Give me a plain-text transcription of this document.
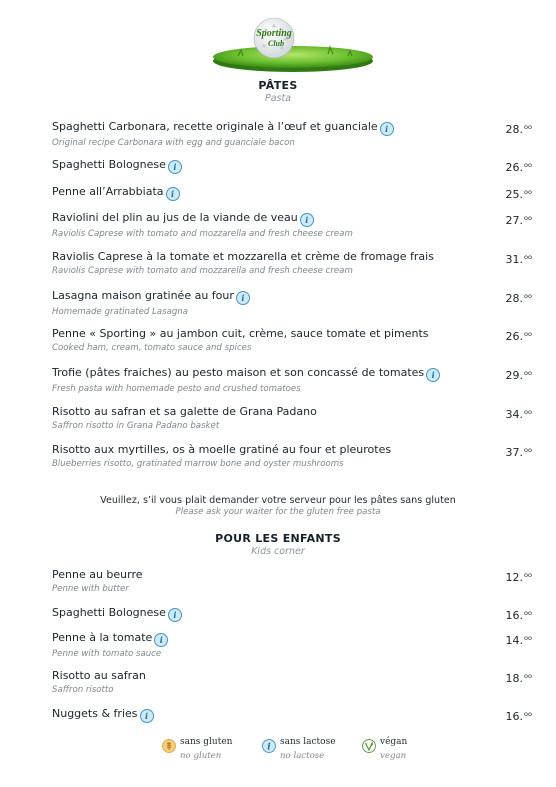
Sporting
Club
PÂTES
Pasta
Spaghetti Carbonara, recette originale à l’œuf et guanciale i
Original recipe Carbonara with egg and guanciale bacon
28.$^{oo}$
Spaghetti Bolognese i	26.$^{oo}$
Penne all’Arrabbiata i	25.$^{oo}$
Raviolini del plin au jus de la viande de veau i
Raviolis Caprese with tomato and mozzarella and fresh cheese cream
27.$^{oo}$
Raviolis Caprese à la tomate et mozzarella et crème de fromage frais
Raviolis Caprese with tomato and mozzarella and fresh cheese cream
31.$^{oo}$
Lasagna maison gratinée au four i
Homemade gratinated Lasagna
28.$^{oo}$
Penne « Sporting » au jambon cuit, crème, sauce tomate et piments
Cooked ham, cream, tomato sauce and spices
26.$^{oo}$
Trofie (pâtes fraiches) au pesto maison et son concassé de tomates i
Fresh pasta with homemade pesto and crushed tomatoes
29.$^{oo}$
Risotto au safran et sa galette de Grana Padano
Saffron risotto in Grana Padano basket
34.$^{oo}$
Risotto aux myrtilles, os à moelle gratiné au four et pleurotes
Blueberries risotto, gratinated marrow bone and oyster mushrooms
37.$^{oo}$
Veuillez, s’il vous plait demander votre serveur pour les pâtes sans gluten
Please ask your waiter for the gluten free pasta
POUR LES ENFANTS
Kids corner
Penne au beurre
Penne with butter
12.$^{oo}$
Spaghetti Bolognese i	16.$^{oo}$
Penne à la tomate i
Penne with tomato sauce
14.$^{oo}$
Risotto au safran
Saffron risotto
18.$^{oo}$
Nuggets & fries i	16.$^{oo}$
sans gluten
no gluten
i
sans lactose
no lactose
végan
vegan
